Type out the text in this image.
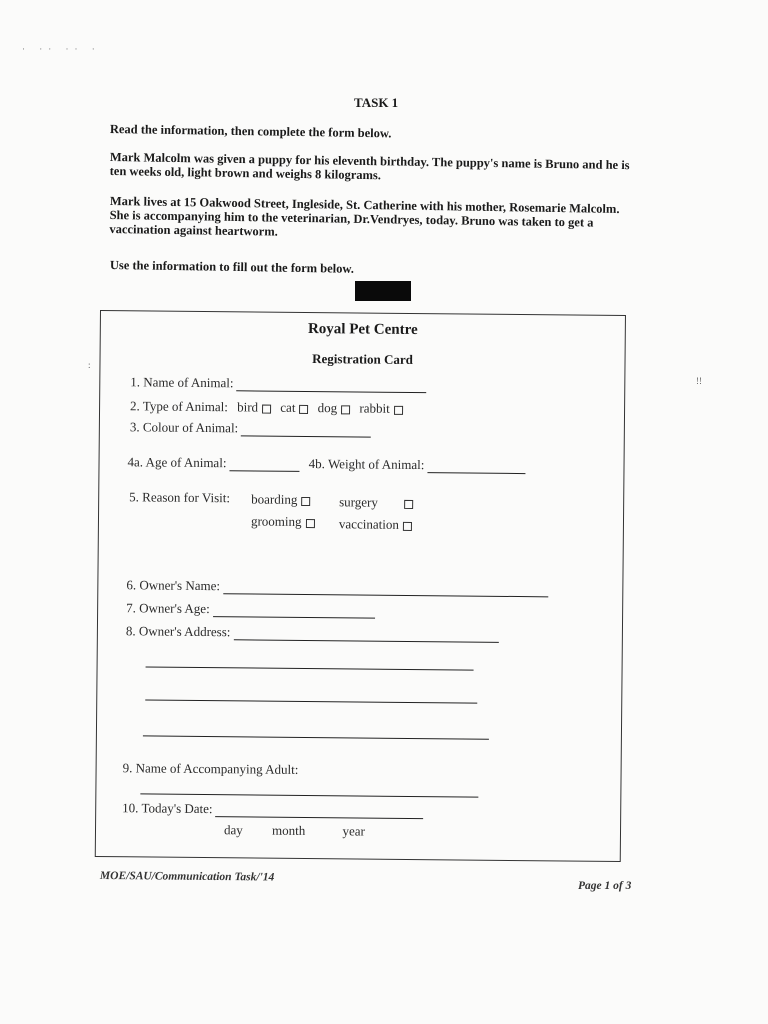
· ·· ·· ·
TASK 1
Read the information, then complete the form below.
Mark Malcolm was given a puppy for his eleventh birthday. The puppy's name is Bruno and he is ten weeks old, light brown and weighs 8 kilograms.
Mark lives at 15 Oakwood Street, Ingleside, St. Catherine with his mother, Rosemarie Malcolm. She is accompanying him to the veterinarian, Dr.Vendryes, today. Bruno was taken to get a vaccination against heartworm.
Use the information to fill out the form below.
Royal Pet Centre
Registration Card
1. Name of Animal:
2. Type of Animal: bird cat dog rabbit
3. Colour of Animal:
4a. Age of Animal:	4b. Weight of Animal:
5. Reason for Visit: boarding	surgery
grooming	vaccination
6. Owner's Name:
7. Owner's Age:
8. Owner's Address:
9. Name of Accompanying Adult:
10. Today's Date:
day month	year
MOE/SAU/Communication Task/'14
Page 1 of 3
:
!!
